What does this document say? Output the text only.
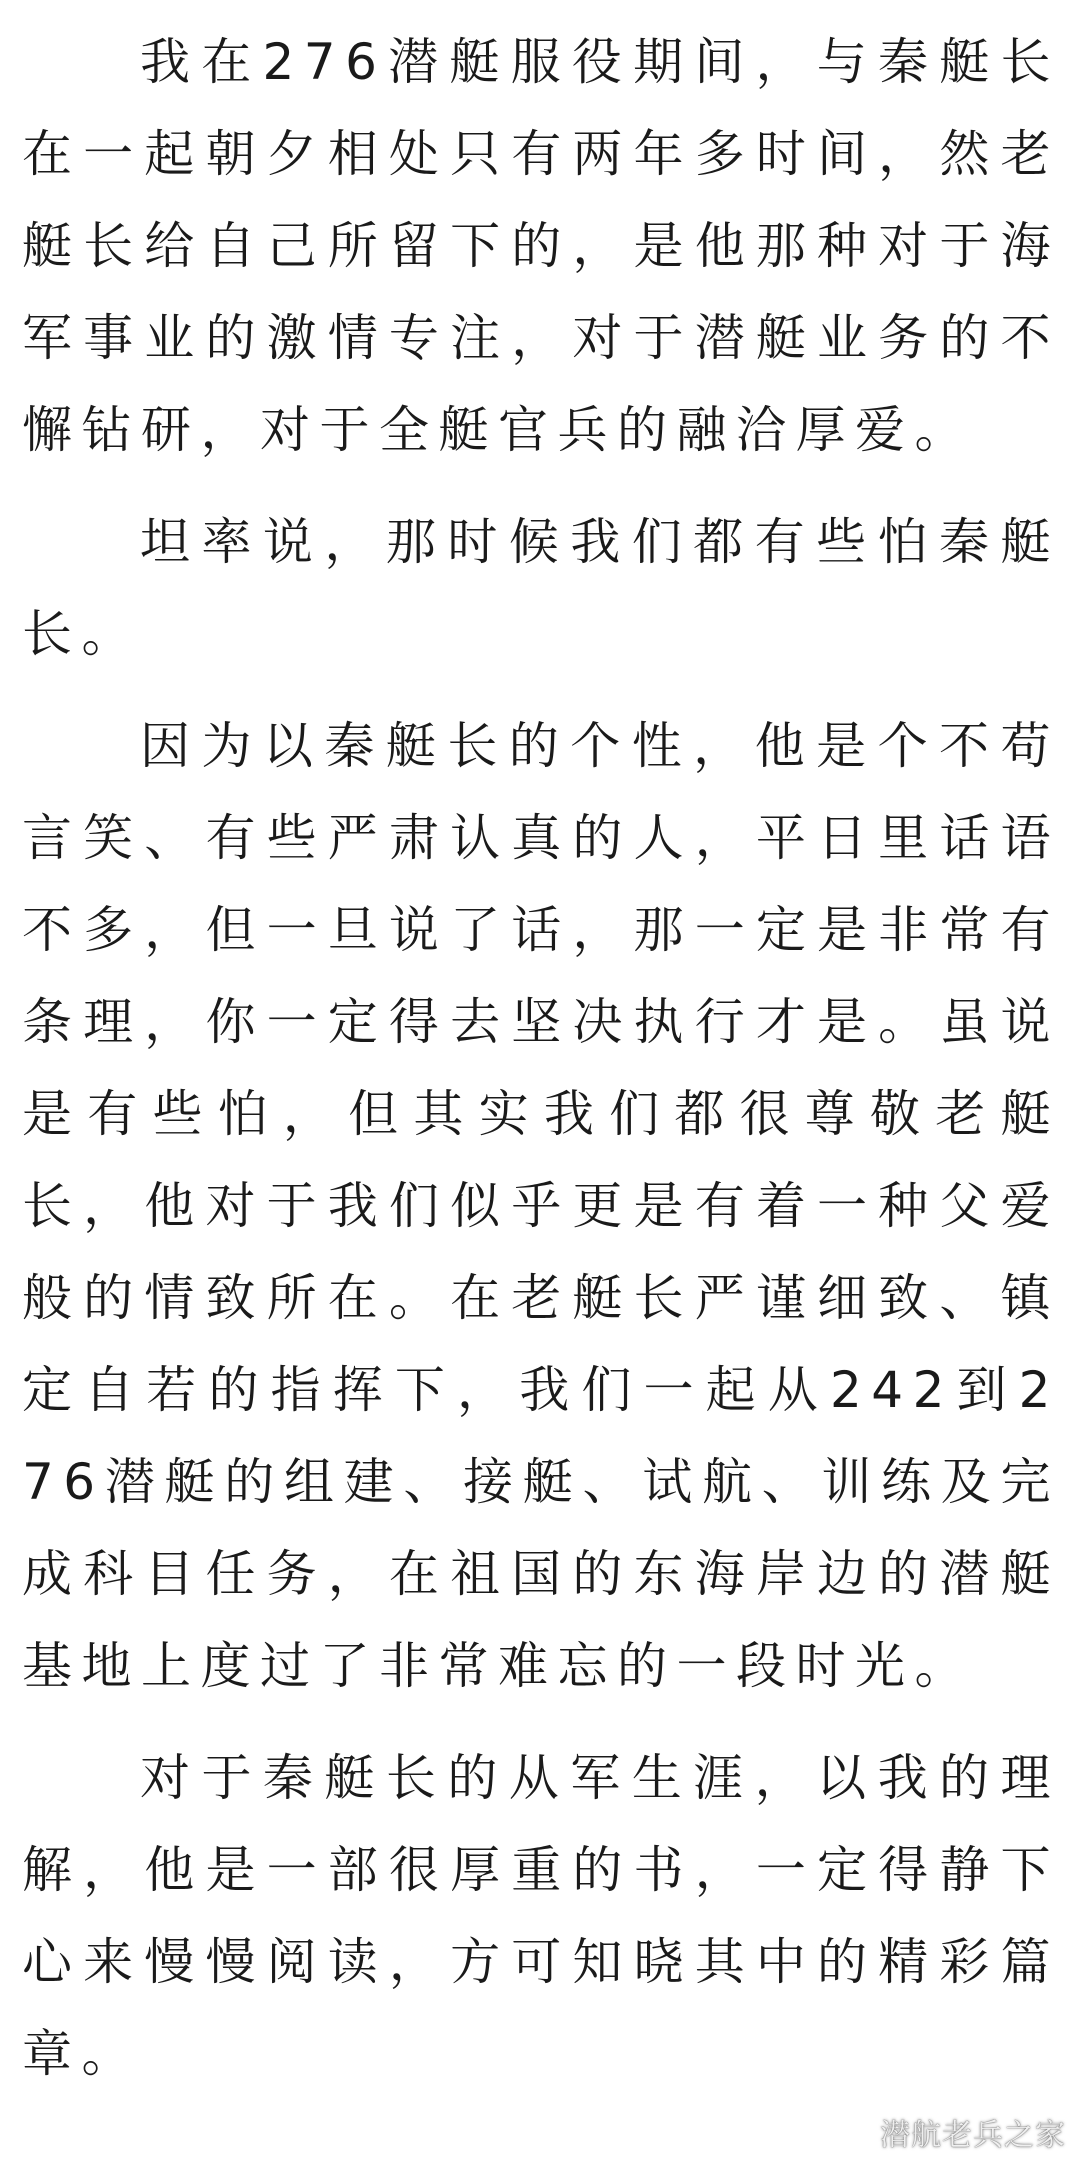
我在276潜艇服役期间，与秦艇长在一起朝夕相处只有两年多时间，然老艇长给自己所留下的，是他那种对于海军事业的激情专注，对于潜艇业务的不懈钻研，对于全艇官兵的融洽厚爱。

坦率说，那时候我们都有些怕秦艇长。

因为以秦艇长的个性，他是个不苟言笑、有些严肃认真的人，平日里话语不多，但一旦说了话，那一定是非常有条理，你一定得去坚决执行才是。虽说是有些怕，但其实我们都很尊敬老艇长，他对于我们似乎更是有着一种父爱般的情致所在。在老艇长严谨细致、镇定自若的指挥下，我们一起从242到276潜艇的组建、接艇、试航、训练及完成科目任务，在祖国的东海岸边的潜艇基地上度过了非常难忘的一段时光。

对于秦艇长的从军生涯，以我的理解，他是一部很厚重的书，一定得静下心来慢慢阅读，方可知晓其中的精彩篇章。

潜航老兵之家
